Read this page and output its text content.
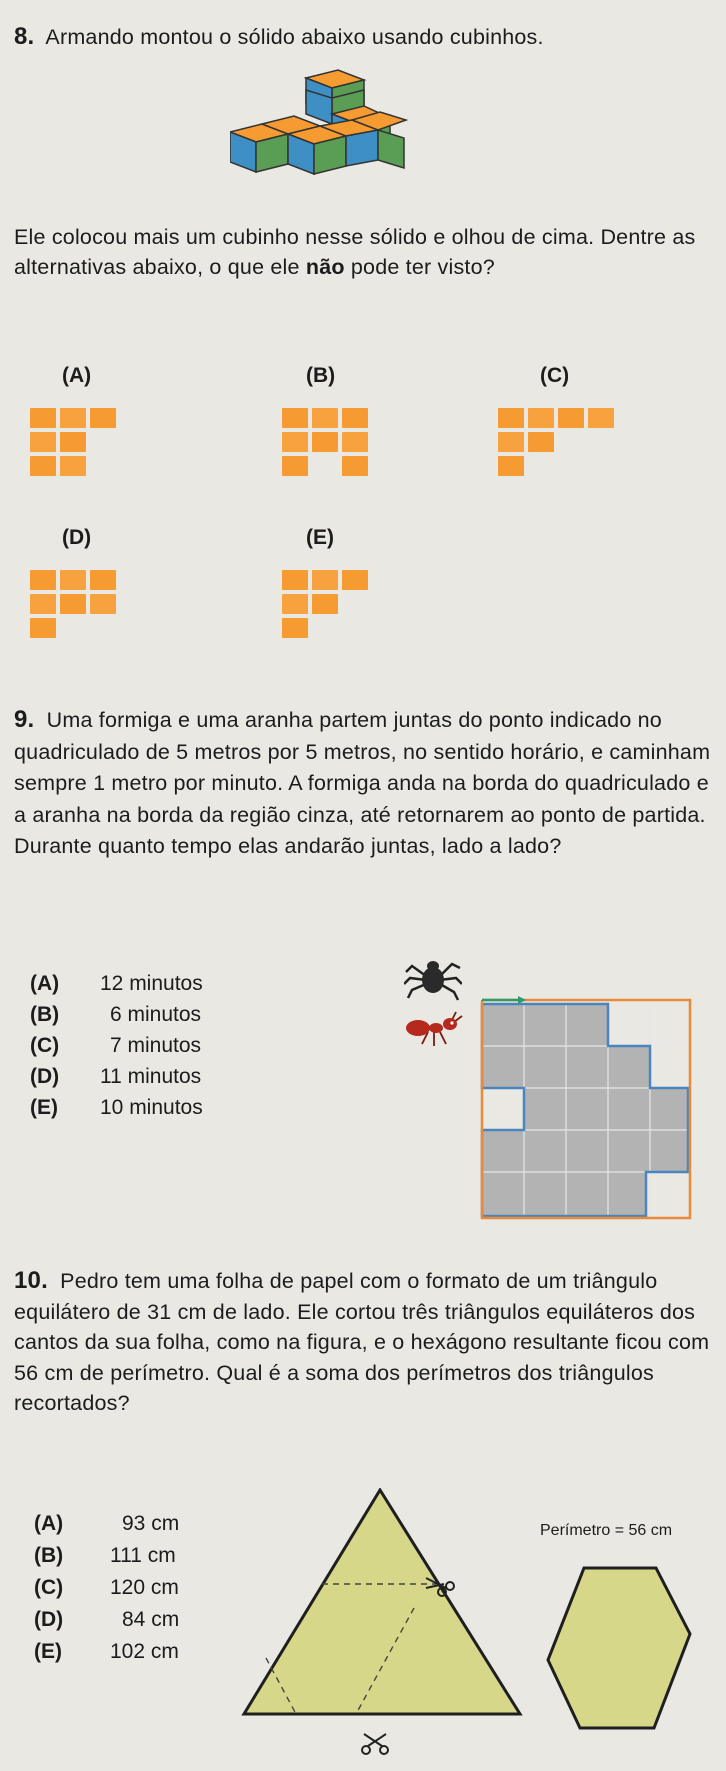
8. Armando montou o sólido abaixo usando cubinhos.
Ele colocou mais um cubinho nesse sólido e olhou de cima. Dentre as alternativas abaixo, o que ele não pode ter visto?
(A)	(B)	(C)
(D)	(E)
9. Uma formiga e uma aranha partem juntas do ponto indicado no quadriculado de 5 metros por 5 metros, no sentido horário, e caminham sempre 1 metro por minuto. A formiga anda na borda do quadriculado e a aranha na borda da região cinza, até retornarem ao ponto de partida. Durante quanto tempo elas andarão juntas, lado a lado?
(A) 12 minutos
(B) 6 minutos
(C) 7 minutos
(D) 11 minutos
(E) 10 minutos
10. Pedro tem uma folha de papel com o formato de um triângulo equilátero de 31 cm de lado. Ele cortou três triângulos equiláteros dos cantos da sua folha, como na figura, e o hexágono resultante ficou com 56 cm de perímetro. Qual é a soma dos perímetros dos triângulos recortados?
(A)	93 cm
(B) 111 cm
(C) 120 cm
(D)	84 cm
(E) 102 cm
Perímetro = 56 cm
